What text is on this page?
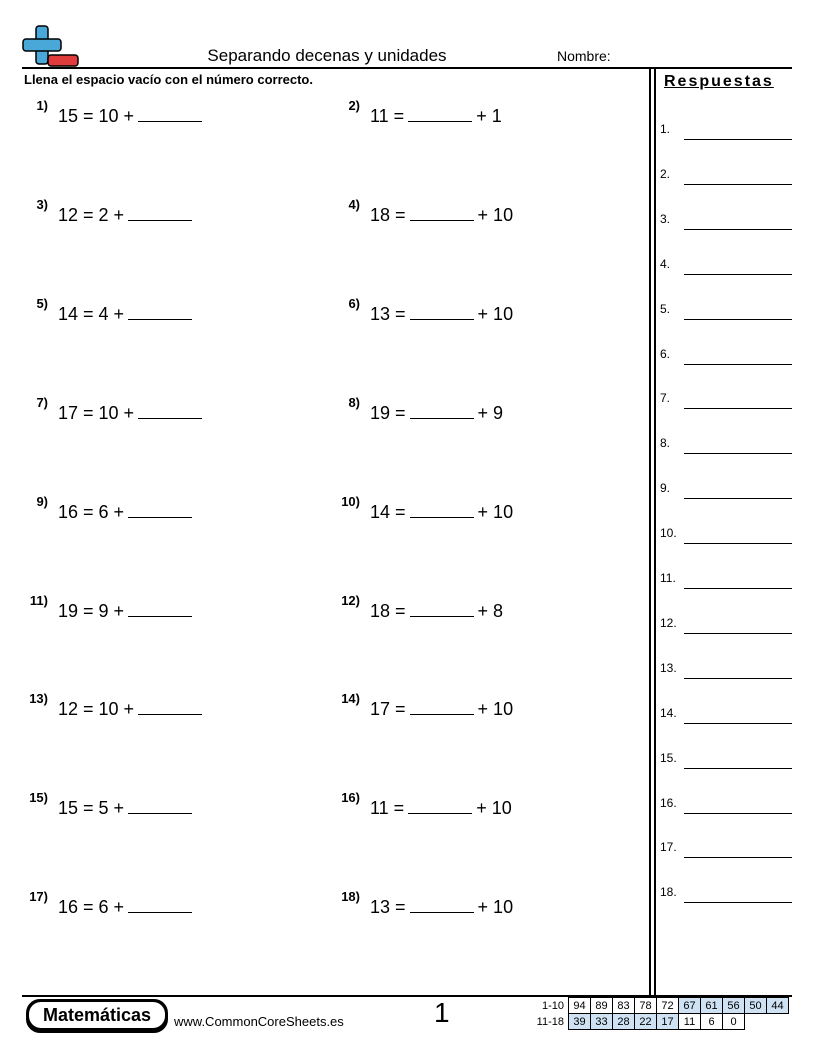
Separando decenas y unidades	Nombre:
Llena el espacio vacío con el número correcto.	Respuestas
1.
2.
3.
4.
5.
6.
7.
8.
9.
10.
11.
12.
13.
14.
15.
16.
17.
18.
1)
15 = 10 +
2)
11 =	+ 1
3)
12 = 2 +
4)
18 =	+ 10
5)
14 = 4 +
6)
13 =	+ 10
7)
17 = 10 +
8)
19 =	+ 9
9)
16 = 6 +
10)
14 =	+ 10
11)
19 = 9 +
12)
18 =	+ 8
13)
12 = 10 +
14)
17 =	+ 10
15)
15 = 5 +
16)
11 =	+ 10
17)
16 = 6 +
18)
13 =	+ 10
Matemáticas	www.CommonCoreSheets.es	1	1-10	94	89	83	78	72	67	61	56	50	44
11-18	39	33	28	22	17	11	6	0		
